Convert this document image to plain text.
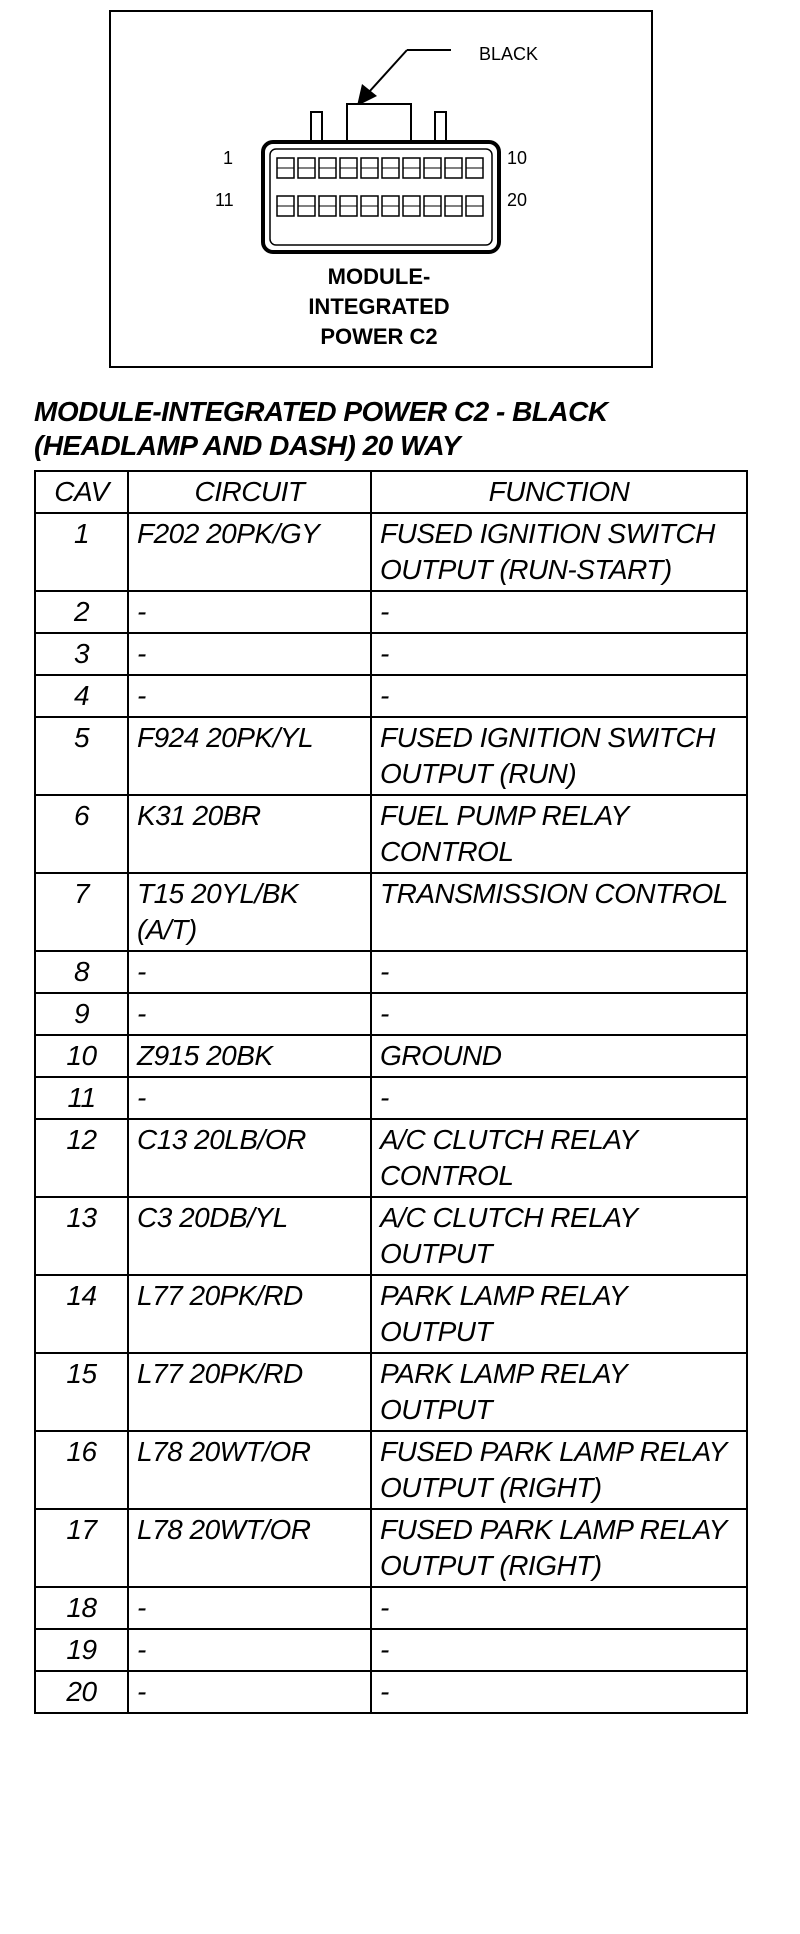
BLACK
1
11
10
20
MODULE-
INTEGRATED
POWER C2
MODULE-INTEGRATED POWER C2 - BLACK
(HEADLAMP AND DASH) 20 WAY
CAV	CIRCUIT	FUNCTION
1	F202 20PK/GY	FUSED IGNITION SWITCH OUTPUT (RUN-START)
2	-	-
3	-	-
4	-	-
5	F924 20PK/YL	FUSED IGNITION SWITCH OUTPUT (RUN)
6	K31 20BR	FUEL PUMP RELAY CONTROL
7	T15 20YL/BK (A/T)	TRANSMISSION CONTROL
8	-	-
9	-	-
10	Z915 20BK	GROUND
11	-	-
12	C13 20LB/OR	A/C CLUTCH RELAY CONTROL
13	C3 20DB/YL	A/C CLUTCH RELAY OUTPUT
14	L77 20PK/RD	PARK LAMP RELAY OUTPUT
15	L77 20PK/RD	PARK LAMP RELAY OUTPUT
16	L78 20WT/OR	FUSED PARK LAMP RELAY OUTPUT (RIGHT)
17	L78 20WT/OR	FUSED PARK LAMP RELAY OUTPUT (RIGHT)
18	-	-
19	-	-
20	-	-
